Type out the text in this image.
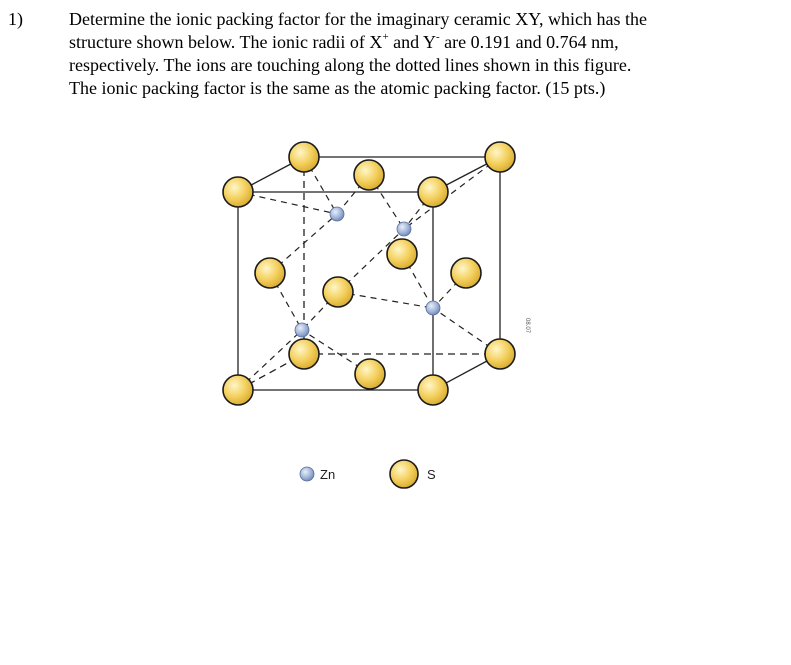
1)	Determine the ionic packing factor for the imaginary ceramic XY, which has the

structure shown below. The ionic radii of X+ and Y- are 0.191 and 0.764 nm,

respectively. The ions are touching along the dotted lines shown in this figure.

The ionic packing factor is the same as the atomic packing factor. (15 pts.)

08.07
Zn	S
